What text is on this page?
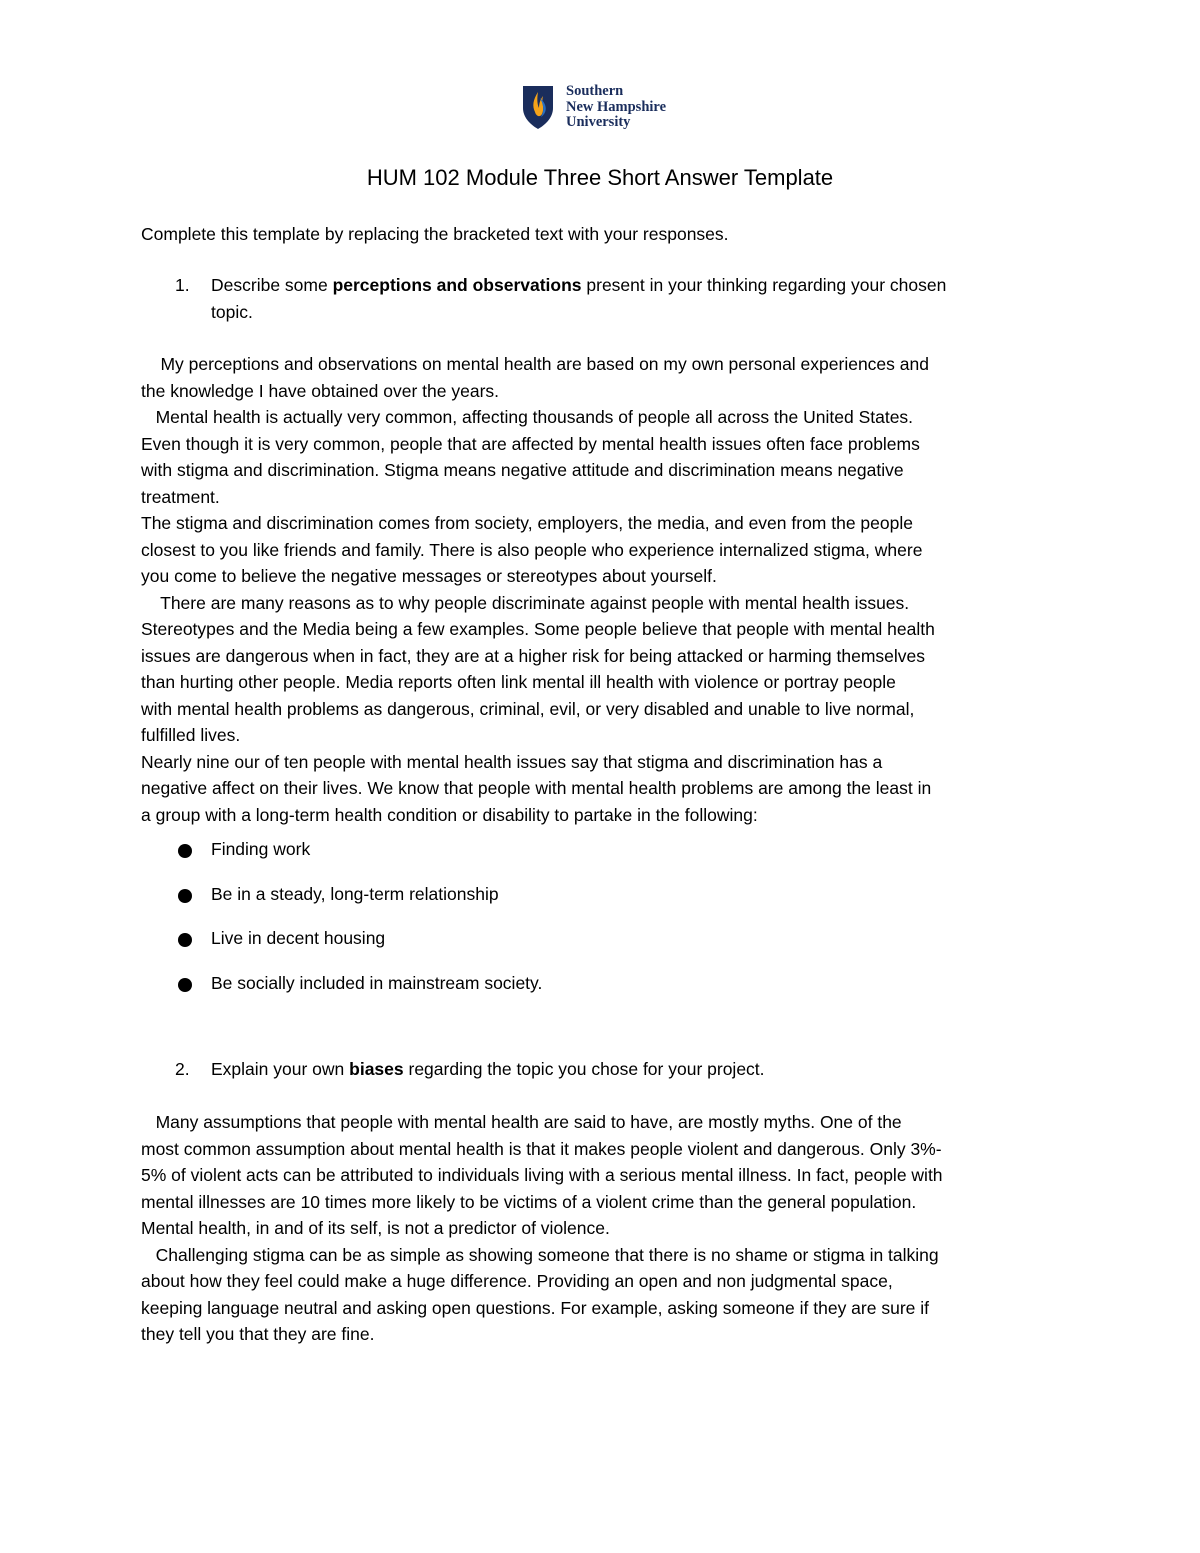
Southern
New Hampshire
University
HUM 102 Module Three Short Answer Template

Complete this template by replacing the bracketed text with your responses.

1. Describe some perceptions and observations present in your thinking regarding your chosen
topic.
My perceptions and observations on mental health are based on my own personal experiences and
the knowledge I have obtained over the years.
Mental health is actually very common, affecting thousands of people all across the United States.
Even though it is very common, people that are affected by mental health issues often face problems
with stigma and discrimination. Stigma means negative attitude and discrimination means negative
treatment.
The stigma and discrimination comes from society, employers, the media, and even from the people
closest to you like friends and family. There is also people who experience internalized stigma, where
you come to believe the negative messages or stereotypes about yourself.
There are many reasons as to why people discriminate against people with mental health issues.
Stereotypes and the Media being a few examples. Some people believe that people with mental health
issues are dangerous when in fact, they are at a higher risk for being attacked or harming themselves
than hurting other people. Media reports often link mental ill health with violence or portray people
with mental health problems as dangerous, criminal, evil, or very disabled and unable to live normal,
fulfilled lives.
Nearly nine our of ten people with mental health issues say that stigma and discrimination has a
negative affect on their lives. We know that people with mental health problems are among the least in
a group with a long-term health condition or disability to partake in the following:
Finding work
Be in a steady, long-term relationship
Live in decent housing
Be socially included in mainstream society.
2. Explain your own biases regarding the topic you chose for your project.
Many assumptions that people with mental health are said to have, are mostly myths. One of the
most common assumption about mental health is that it makes people violent and dangerous. Only 3%-
5% of violent acts can be attributed to individuals living with a serious mental illness. In fact, people with
mental illnesses are 10 times more likely to be victims of a violent crime than the general population.
Mental health, in and of its self, is not a predictor of violence.
Challenging stigma can be as simple as showing someone that there is no shame or stigma in talking
about how they feel could make a huge difference. Providing an open and non judgmental space,
keeping language neutral and asking open questions. For example, asking someone if they are sure if
they tell you that they are fine.
